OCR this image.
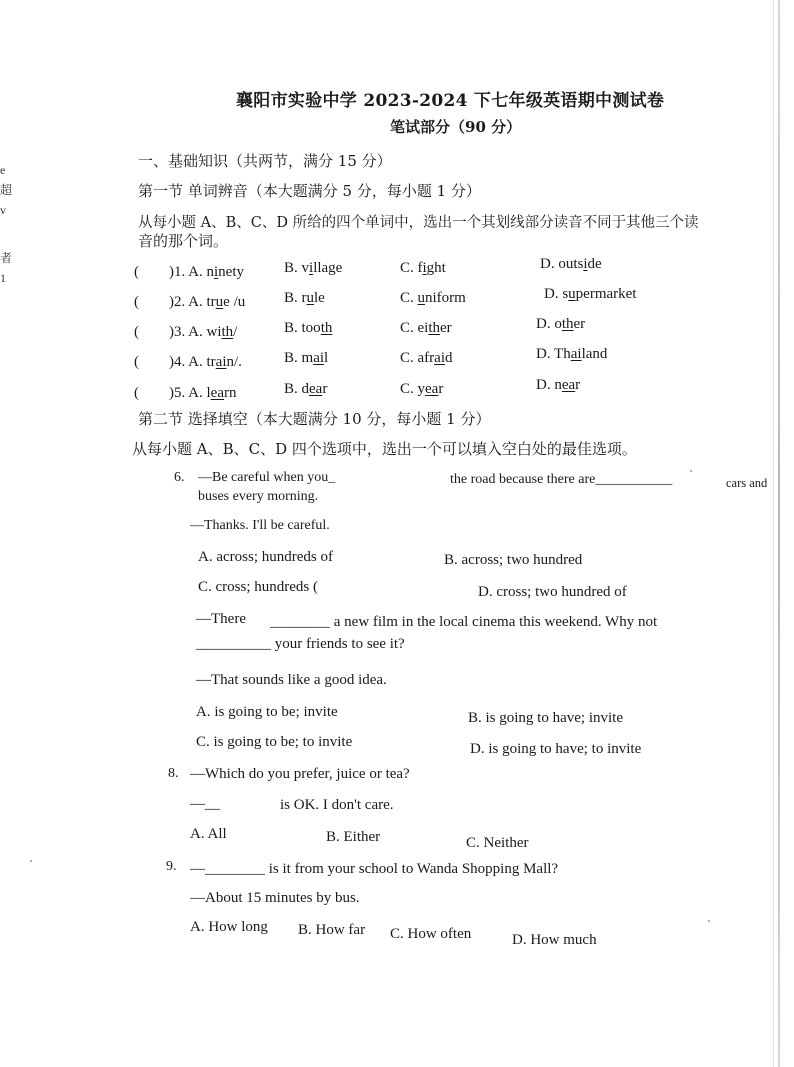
e
超
v
者
1
襄阳市实验中学 2023-2024 下七年级英语期中测试卷
笔试部分（90 分）
一、基础知识（共两节，满分 15 分）
第一节 单词辨音（本大题满分 5 分，每小题 1 分）
从每小题 A、B、C、D 所给的四个单词中，选出一个其划线部分读音不同于其他三个读
音的那个词。
(　　)1. A. ninety	B. village	C. fight	D. outside
(　　)2. A. true /u	B. rule	C. uniform	D. supermarket
(　　)3. A. with/	B. tooth	C. either	D. other
(　　)4. A. train/.	B. mail	C. afraid	D. Thailand
(　　)5. A. learn	B. dear	C. year	D. near
第二节 选择填空（本大题满分 10 分，每小题 1 分）
从每小题 A、B、C、D 四个选项中，选出一个可以填入空白处的最佳选项。
6. —Be careful when you_	the road because there are___________	cars and
buses every morning.
—Thanks. I'll be careful.
A. across; hundreds of	B. across; two hundred
C. cross; hundreds (	D. cross; two hundred of
—There ________ a new film in the local cinema this weekend. Why not
__________ your friends to see it?
—That sounds like a good idea.
A. is going to be; invite	B. is going to have; invite
C. is going to be; to invite	D. is going to have; to invite
8. —Which do you prefer, juice or tea?
—__	is OK. I don't care.
A. All	B. Either	C. Neither
9. —________ is it from your school to Wanda Shopping Mall?
—About 15 minutes by bus.
A. How long B. How far C. How often	D. How much
